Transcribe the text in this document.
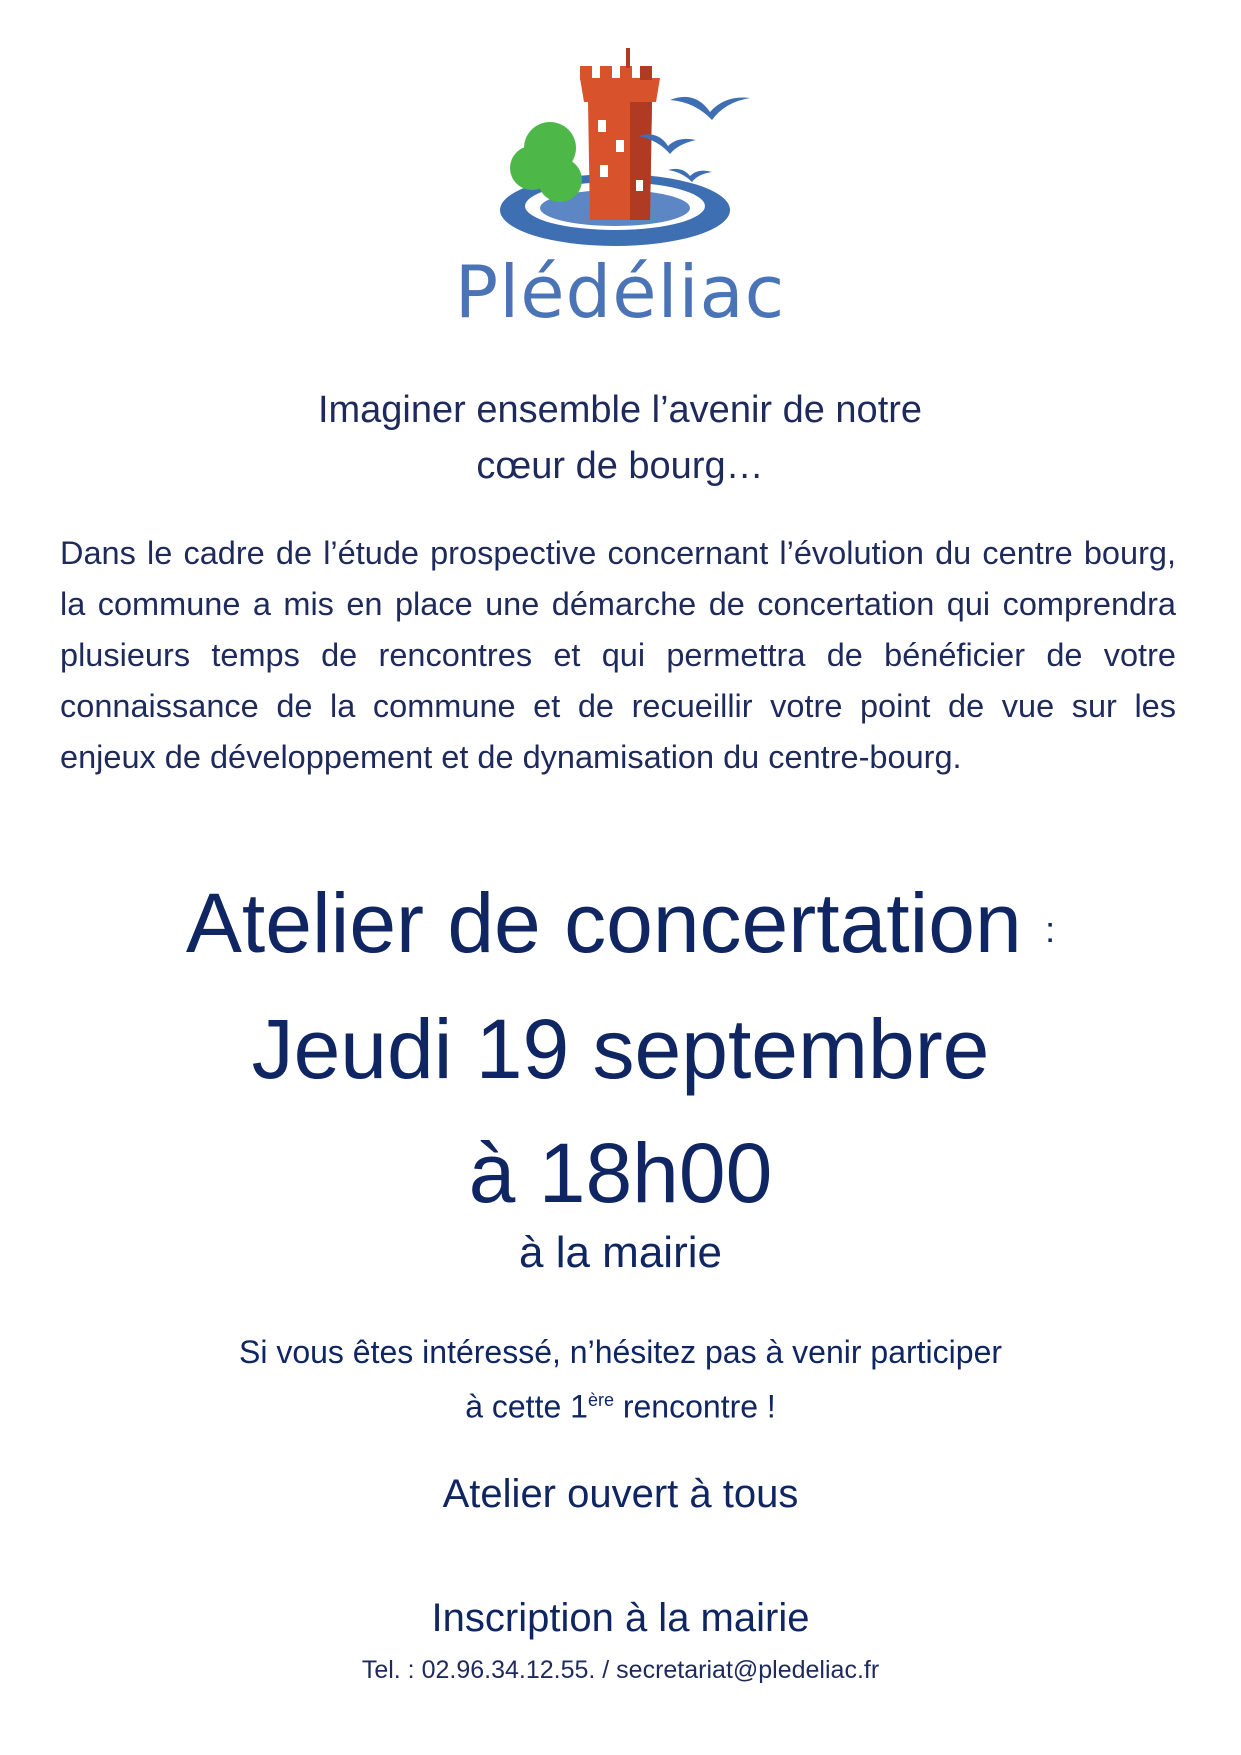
Plédéliac
Imaginer ensemble l’avenir de notre
cœur de bourg…
Dans le cadre de l’étude prospective concernant l’évolution du centre bourg, la commune a mis en place une démarche de concertation qui comprendra plusieurs temps de rencontres et qui permettra de bénéficier de votre connaissance de la commune et de recueillir votre point de vue sur les enjeux de développement et de dynamisation du centre-bourg.
Atelier de concertation :
Jeudi 19 septembre
à 18h00
à la mairie
Si vous êtes intéressé, n’hésitez pas à venir participer
à cette 1ère rencontre !
Atelier ouvert à tous
Inscription à la mairie
Tel. : 02.96.34.12.55. / secretariat@pledeliac.fr
